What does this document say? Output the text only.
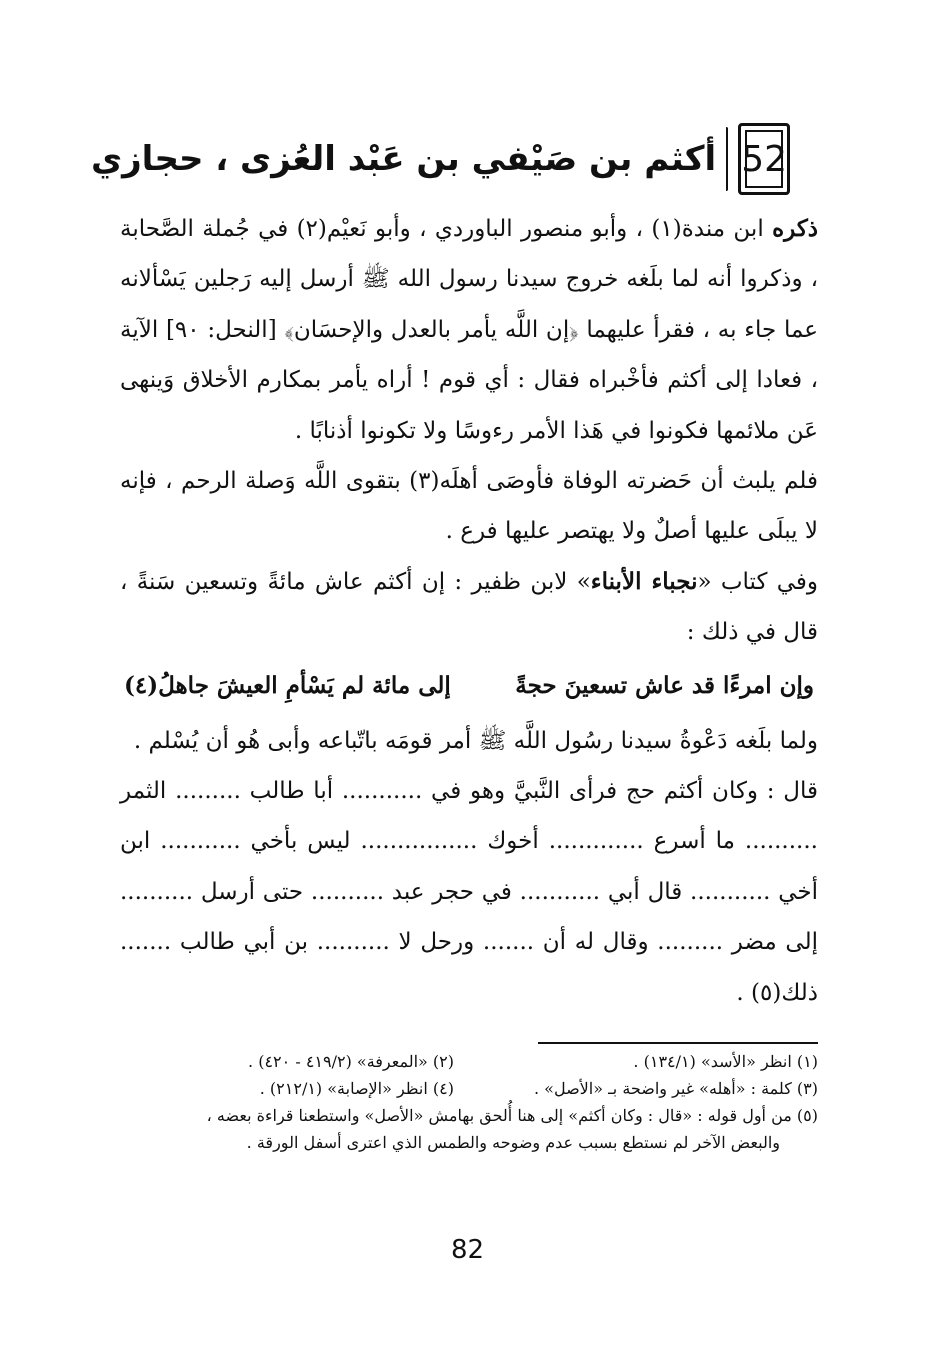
52
أكثم بن صَيْفي بن عَبْد العُزى ، حجازي

ذكره ابن مندة(١) ، وأبو منصور الباوردي ، وأبو نَعيْم(٢) في جُملة الصَّحابة ، وذكروا أنه لما بلَغه خروج سيدنا رسول الله ﷺ أرسل إليه رَجلين يَسْألانه عما جاء به ، فقرأ عليهما ﴿إن اللَّه يأمر بالعدل والإحسَان﴾ [النحل: ٩٠] الآية ، فعادا إلى أكثم فأخْبراه فقال : أي قوم ! أراه يأمر بمكارم الأخلاق وَينهى عَن ملائمها فكونوا في هَذا الأمر رءوسًا ولا تكونوا أذنابًا .

فلم يلبث أن حَضرته الوفاة فأوصَى أهلَه(٣) بتقوى اللَّه وَصلة الرحم ، فإنه لا يبلَى عليها أصلٌ ولا يهتصر عليها فرع .

وفي كتاب «نجباء الأبناء» لابن ظفير : إن أكثم عاش مائةً وتسعين سَنةً ، قال في ذلك :

وإن امرءًا قد عاش تسعينَ حجةً
إلى مائة لم يَسْأمِ العيشَ جاهلُ(٤)

ولما بلَغه دَعْوةُ سيدنا رسُول اللَّه ﷺ أمر قومَه باتّباعه وأبى هُو أن يُسْلم .

قال : وكان أكثم حج فرأى النَّبيَّ وهو في ........... أبا طالب ......... الثمر .......... ما أسرع ............. أخوك ................ ليس بأخي ........... ابن أخي ........... قال أبي ........... في حجر عبد .......... حتى أرسل .......... إلى مضر ......... وقال له أن ....... ورحل لا .......... بن أبي طالب ....... ذلك(٥) .

(١) انظر «الأسد» (١٣٤/١) .
(٢) «المعرفة» (٤١٩/٢ - ٤٢٠) .
(٣) كلمة : «أهله» غير واضحة بـ «الأصل» .
(٤) انظر «الإصابة» (٢١٢/١) .
(٥) من أول قوله : «قال : وكان أكثم» إلى هنا أُلحق بهامش «الأصل» واستطعنا قراءة بعضه ،
والبعض الآخر لم نستطع بسبب عدم وضوحه والطمس الذي اعترى أسفل الورقة .
82
